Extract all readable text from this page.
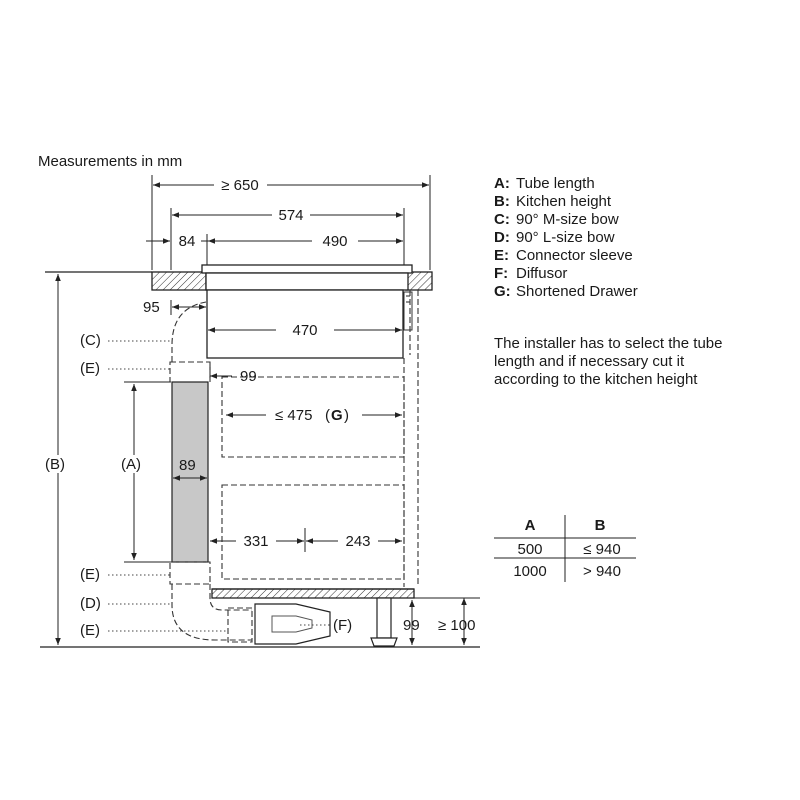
Measurements in mm
≥ 650
574
84	490
95
470
99
≤ 475 ( G )
89
331	243
99 ≥ 100
(B)	(A)
(C)
(E)
(E)
(D)
(E)	(F)
A: Tube length
B: Kitchen height
C: 90° M-size bow
D: 90° L-size bow
E: Connector sleeve
F: Diffusor
G: Shortened Drawer
The installer has to select the tube
length and if necessary cut it
according to the kitchen height
A	B
500	≤ 940
1000 > 940
